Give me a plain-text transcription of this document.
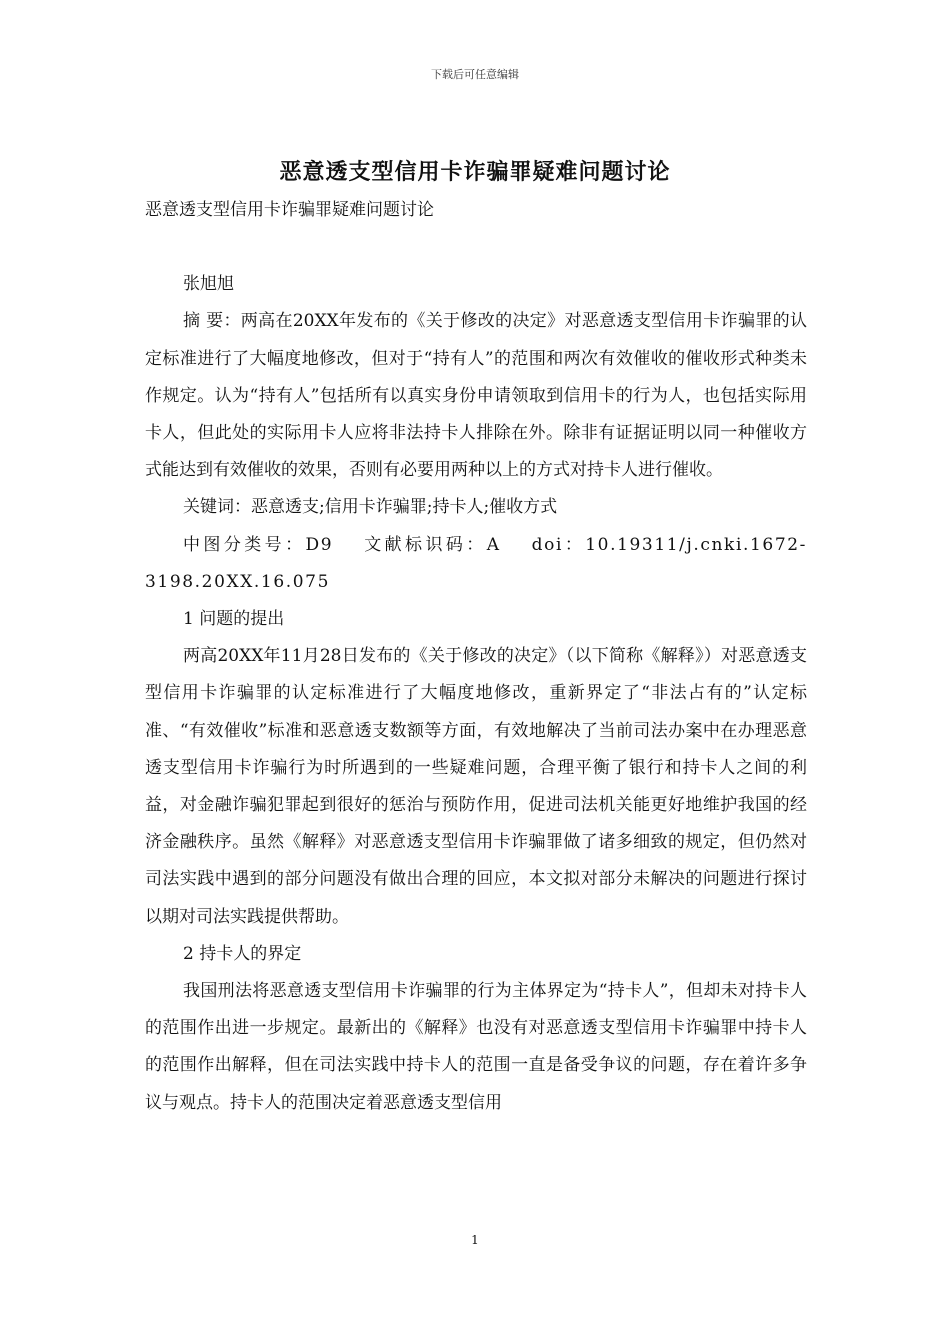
下载后可任意编辑
恶意透支型信用卡诈骗罪疑难问题讨论

恶意透支型信用卡诈骗罪疑难问题讨论

张旭旭

摘 要：两高在20XX年发布的《关于修改的决定》对恶意透支型信用卡诈骗罪的认定标准进行了大幅度地修改，但对于“持有人”的范围和两次有效催收的催收形式种类未作规定。认为“持有人”包括所有以真实身份申请领取到信用卡的行为人，也包括实际用卡人，但此处的实际用卡人应将非法持卡人排除在外。除非有证据证明以同一种催收方式能达到有效催收的效果，否则有必要用两种以上的方式对持卡人进行催收。

关键词：恶意透支;信用卡诈骗罪;持卡人;催收方式

中图分类号：D9　 文献标识码：A　 doi：10.19311/j.cnki.1672-3198.20XX.16.075

1 问题的提出

两高20XX年11月28日发布的《关于修改的决定》（以下简称《解释》）对恶意透支型信用卡诈骗罪的认定标准进行了大幅度地修改，重新界定了“非法占有的”认定标准、“有效催收”标准和恶意透支数额等方面，有效地解决了当前司法办案中在办理恶意透支型信用卡诈骗行为时所遇到的一些疑难问题，合理平衡了银行和持卡人之间的利益，对金融诈骗犯罪起到很好的惩治与预防作用，促进司法机关能更好地维护我国的经济金融秩序。虽然《解释》对恶意透支型信用卡诈骗罪做了诸多细致的规定，但仍然对司法实践中遇到的部分问题没有做出合理的回应，本文拟对部分未解决的问题进行探讨以期对司法实践提供帮助。

2 持卡人的界定

我国刑法将恶意透支型信用卡诈骗罪的行为主体界定为“持卡人”，但却未对持卡人的范围作出进一步规定。最新出的《解释》也没有对恶意透支型信用卡诈骗罪中持卡人的范围作出解释，但在司法实践中持卡人的范围一直是备受争议的问题，存在着许多争议与观点。持卡人的范围决定着恶意透支型信用

1
